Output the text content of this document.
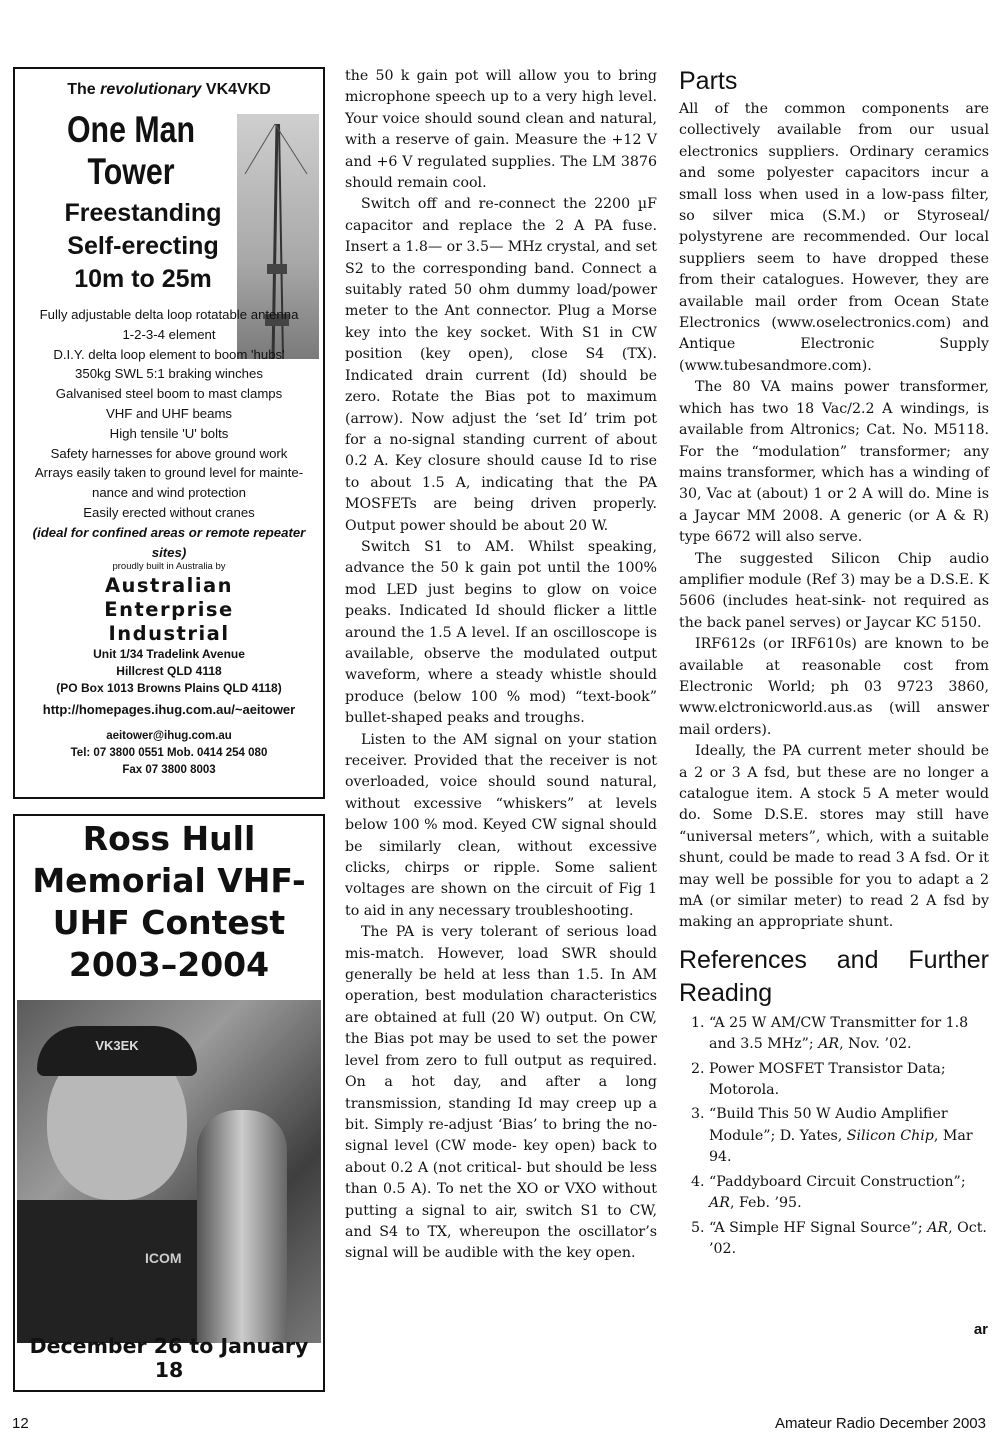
The revolutionary VK4VKD
One Man
Tower
Freestanding
Self-erecting
10m to 25m
Fully adjustable delta loop rotatable antenna
1-2-3-4 element
D.I.Y. delta loop element to boom 'hubs'
350kg SWL 5:1 braking winches
Galvanised steel boom to mast clamps
VHF and UHF beams
High tensile 'U' bolts
Safety harnesses for above ground work
Arrays easily taken to ground level for mainte-
nance and wind protection
Easily erected without cranes
(ideal for confined areas or remote repeater
sites)
proudly built in Australia by
Australian
Enterprise
Industrial
Unit 1/34 Tradelink Avenue
Hillcrest QLD 4118
(PO Box 1013 Browns Plains QLD 4118)
http://homepages.ihug.com.au/~aeitower
aeitower@ihug.com.au
Tel: 07 3800 0551 Mob. 0414 254 080
Fax 07 3800 8003
Ross Hull
Memorial VHF-
UHF Contest
2003–2004
VK3EK
ICOM
December 26 to January 18

the 50 k gain pot will allow you to bring microphone speech up to a very high level. Your voice should sound clean and natural, with a reserve of gain. Measure the +12 V and +6 V regulated supplies. The LM 3876 should remain cool.

Switch off and re-connect the 2200 µF capacitor and replace the 2 A PA fuse. Insert a 1.8— or 3.5— MHz crystal, and set S2 to the corresponding band. Connect a suitably rated 50 ohm dummy load/power meter to the Ant connector. Plug a Morse key into the key socket. With S1 in CW position (key open), close S4 (TX). Indicated drain current (Id) should be zero. Rotate the Bias pot to maximum (arrow). Now adjust the ‘set Id’ trim pot for a no-signal standing current of about 0.2 A. Key closure should cause Id to rise to about 1.5 A, indicating that the PA MOSFETs are being driven properly. Output power should be about 20 W.

Switch S1 to AM. Whilst speaking, advance the 50 k gain pot until the 100% mod LED just begins to glow on voice peaks. Indicated Id should flicker a little around the 1.5 A level. If an oscilloscope is available, observe the modulated output waveform, where a steady whistle should produce (below 100 % mod) “text-book” bullet-shaped peaks and troughs.

Listen to the AM signal on your station receiver. Provided that the receiver is not overloaded, voice should sound natural, without excessive “whiskers” at levels below 100 % mod. Keyed CW signal should be similarly clean, without excessive clicks, chirps or ripple. Some salient voltages are shown on the circuit of Fig 1 to aid in any necessary troubleshooting.

The PA is very tolerant of serious load mis-match. However, load SWR should generally be held at less than 1.5. In AM operation, best modulation characteristics are obtained at full (20 W) output. On CW, the Bias pot may be used to set the power level from zero to full output as required. On a hot day, and after a long transmission, standing Id may creep up a bit. Simply re-adjust ‘Bias’ to bring the no-signal level (CW mode- key open) back to about 0.2 A (not critical- but should be less than 0.5 A). To net the XO or VXO without putting a signal to air, switch S1 to CW, and S4 to TX, whereupon the oscillator’s signal will be audible with the key open.

Parts

All of the common components are collectively available from our usual electronics suppliers. Ordinary ceramics and some polyester capacitors incur a small loss when used in a low-pass filter, so silver mica (S.M.) or Styroseal/ polystyrene are recommended. Our local suppliers seem to have dropped these from their catalogues. However, they are available mail order from Ocean State Electronics (www.oselectronics.com) and Antique Electronic Supply (www.tubesandmore.com).

The 80 VA mains power transformer, which has two 18 Vac/2.2 A windings, is available from Altronics; Cat. No. M5118. For the “modulation” transformer; any mains transformer, which has a winding of 30, Vac at (about) 1 or 2 A will do. Mine is a Jaycar MM 2008. A generic (or A & R) type 6672 will also serve.

The suggested Silicon Chip audio amplifier module (Ref 3) may be a D.S.E. K 5606 (includes heat-sink- not required as the back panel serves) or Jaycar KC 5150.

IRF612s (or IRF610s) are known to be available at reasonable cost from Electronic World; ph 03 9723 3860, www.elctronicworld.aus.as (will answer mail orders).

Ideally, the PA current meter should be a 2 or 3 A fsd, but these are no longer a catalogue item. A stock 5 A meter would do. Some D.S.E. stores may still have “universal meters”, which, with a suitable shunt, could be made to read 3 A fsd. Or it may well be possible for you to adapt a 2 mA (or similar meter) to read 2 A fsd by making an appropriate shunt.

References and Further Reading
1. “A 25 W AM/CW Transmitter for 1.8 and 3.5 MHz”; AR, Nov. ’02.
2. Power MOSFET Transistor Data; Motorola.
3. “Build This 50 W Audio Amplifier Module”; D. Yates, Silicon Chip, Mar 94.
4. “Paddyboard Circuit Construction”; AR, Feb. ’95.
5. “A Simple HF Signal Source”; AR, Oct. ’02.
ar
12	Amateur Radio December 2003
